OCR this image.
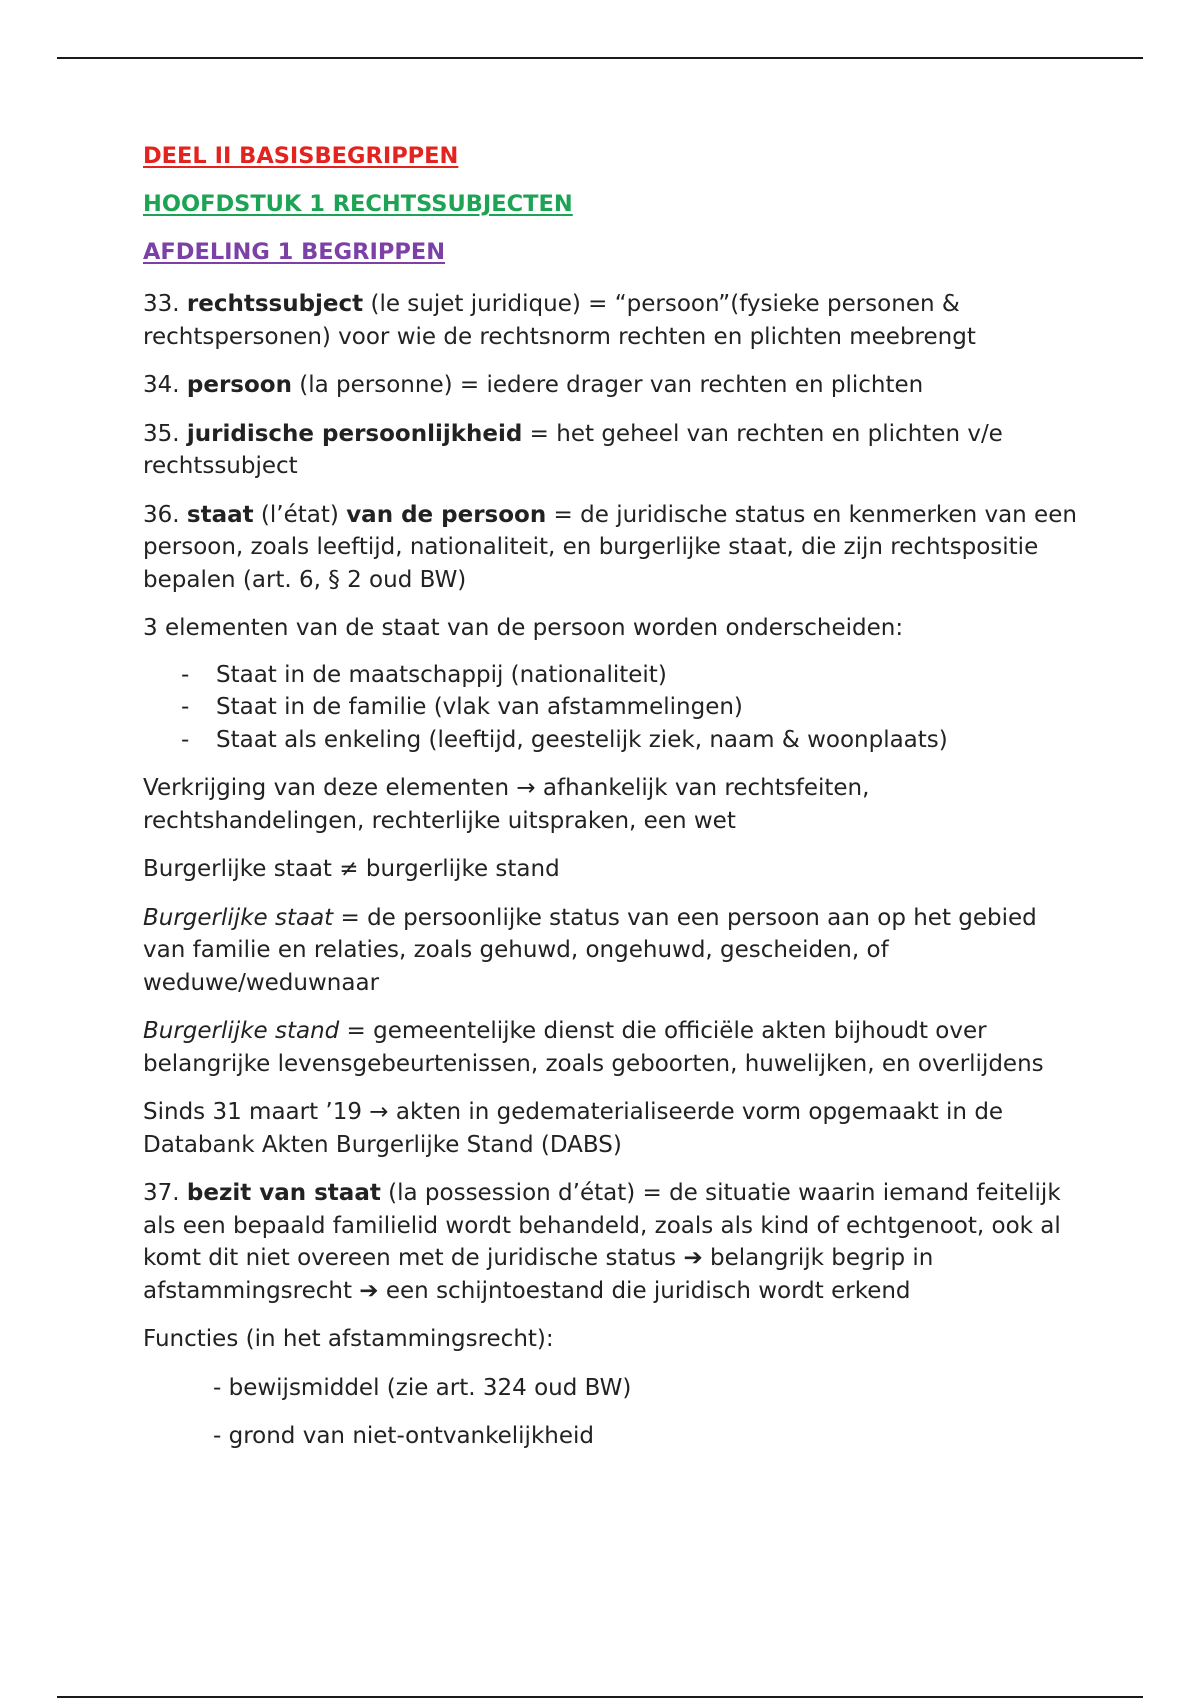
DEEL II BASISBEGRIPPEN

HOOFDSTUK 1 RECHTSSUBJECTEN

AFDELING 1 BEGRIPPEN

33. rechtssubject (le sujet juridique) = “persoon”(fysieke personen & rechtspersonen) voor wie de rechtsnorm rechten en plichten meebrengt

34. persoon (la personne) = iedere drager van rechten en plichten

35. juridische persoonlijkheid = het geheel van rechten en plichten v/e rechtssubject

36. staat (l’état) van de persoon = de juridische status en kenmerken van een persoon, zoals leeftijd, nationaliteit, en burgerlijke staat, die zijn rechtspositie bepalen (art. 6, § 2 oud BW)

3 elementen van de staat van de persoon worden onderscheiden:

- Staat in de maatschappij (nationaliteit)
- Staat in de familie (vlak van afstammelingen)
- Staat als enkeling (leeftijd, geestelijk ziek, naam & woonplaats)

Verkrijging van deze elementen → afhankelijk van rechtsfeiten, rechtshandelingen, rechterlijke uitspraken, een wet

Burgerlijke staat ≠ burgerlijke stand

Burgerlijke staat = de persoonlijke status van een persoon aan op het gebied van familie en relaties, zoals gehuwd, ongehuwd, gescheiden, of weduwe/weduwnaar

Burgerlijke stand = gemeentelijke dienst die officiële akten bijhoudt over belangrijke levensgebeurtenissen, zoals geboorten, huwelijken, en overlijdens

Sinds 31 maart ’19 → akten in gedematerialiseerde vorm opgemaakt in de Databank Akten Burgerlijke Stand (DABS)

37. bezit van staat (la possession d’état) = de situatie waarin iemand feitelijk als een bepaald familielid wordt behandeld, zoals als kind of echtgenoot, ook al komt dit niet overeen met de juridische status ➔ belangrijk begrip in afstammingsrecht ➔ een schijntoestand die juridisch wordt erkend

Functies (in het afstammingsrecht):

- bewijsmiddel (zie art. 324 oud BW)

- grond van niet-ontvankelijkheid
